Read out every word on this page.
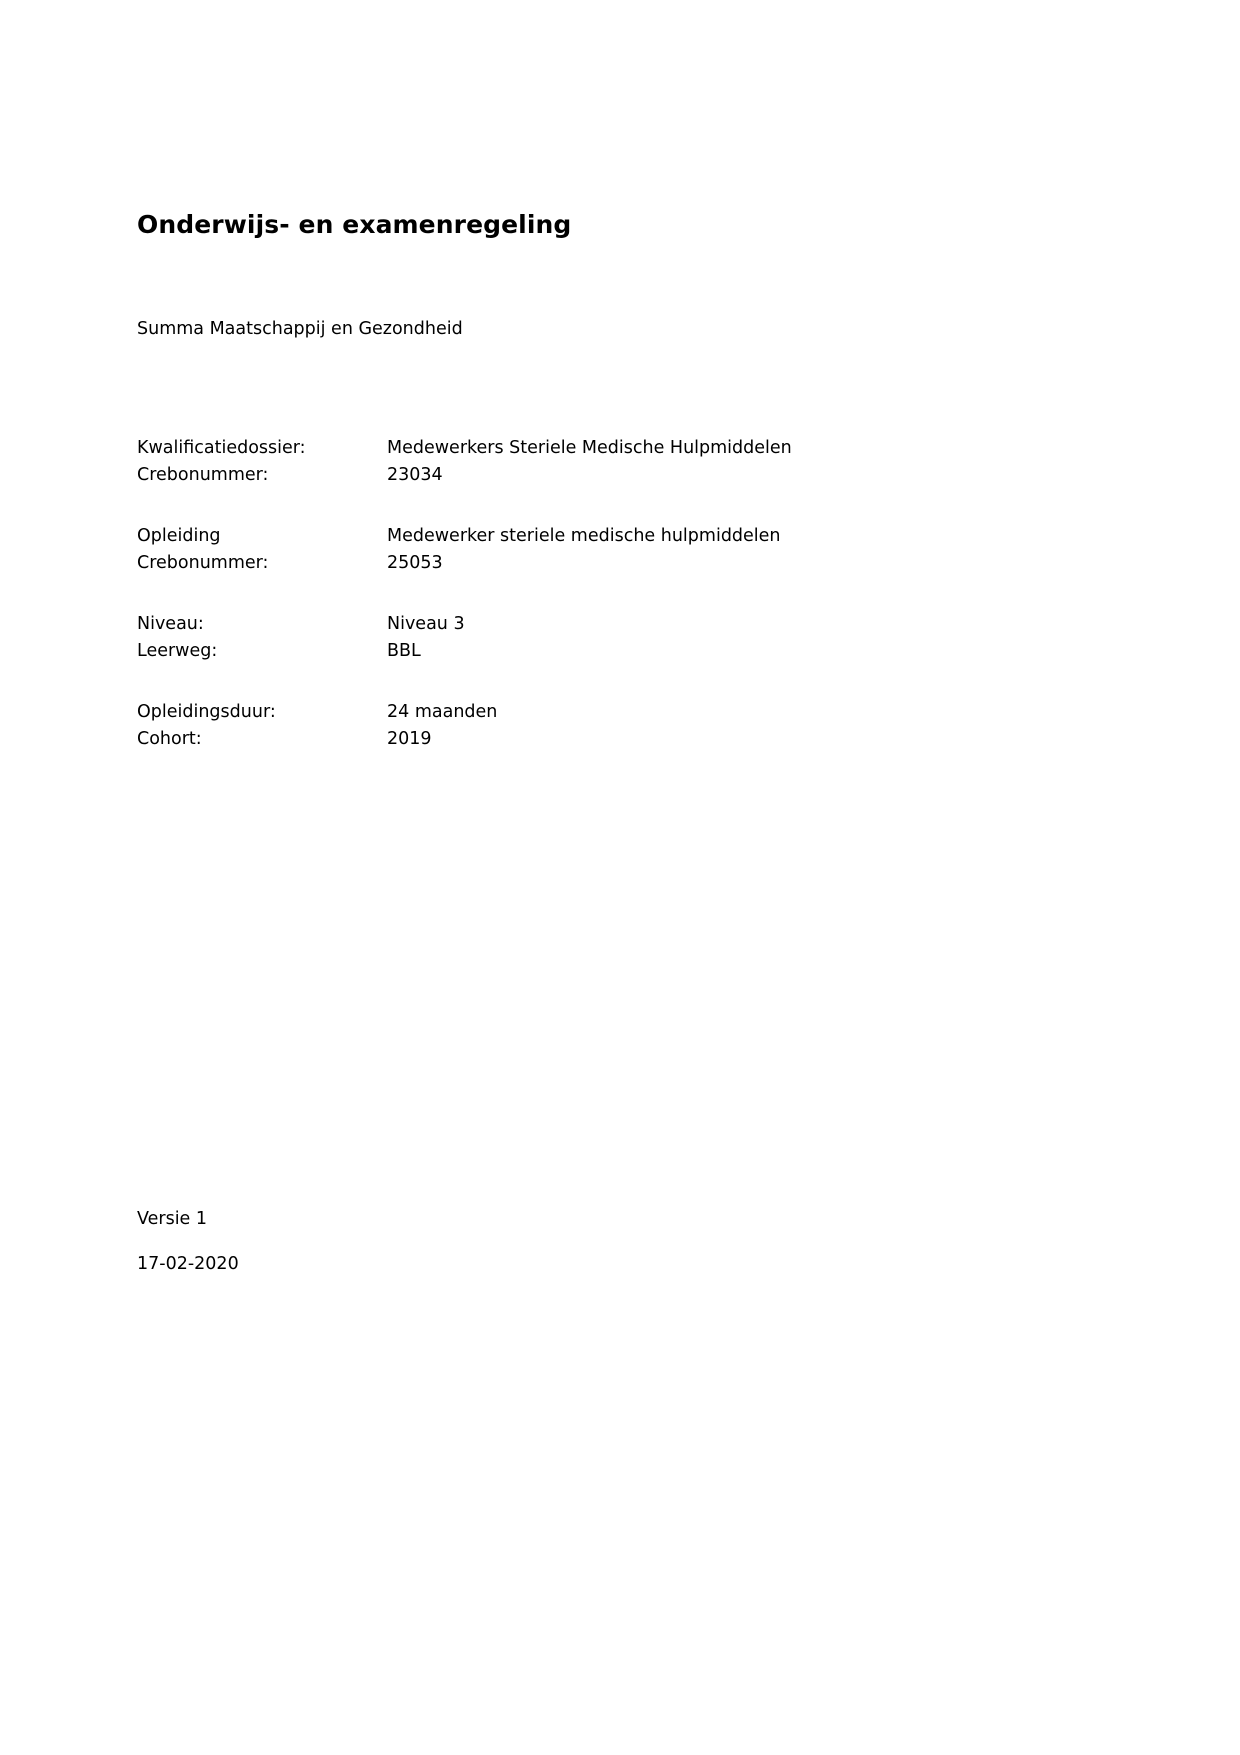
Onderwijs- en examenregeling
Summa Maatschappij en Gezondheid
Kwalificatiedossier:	Medewerkers Steriele Medische Hulpmiddelen
Crebonummer:	23034
Opleiding	Medewerker steriele medische hulpmiddelen
Crebonummer:	25053
Niveau:	Niveau 3
Leerweg:	BBL
Opleidingsduur:	24 maanden
Cohort:	2019
Versie 1
17-02-2020
